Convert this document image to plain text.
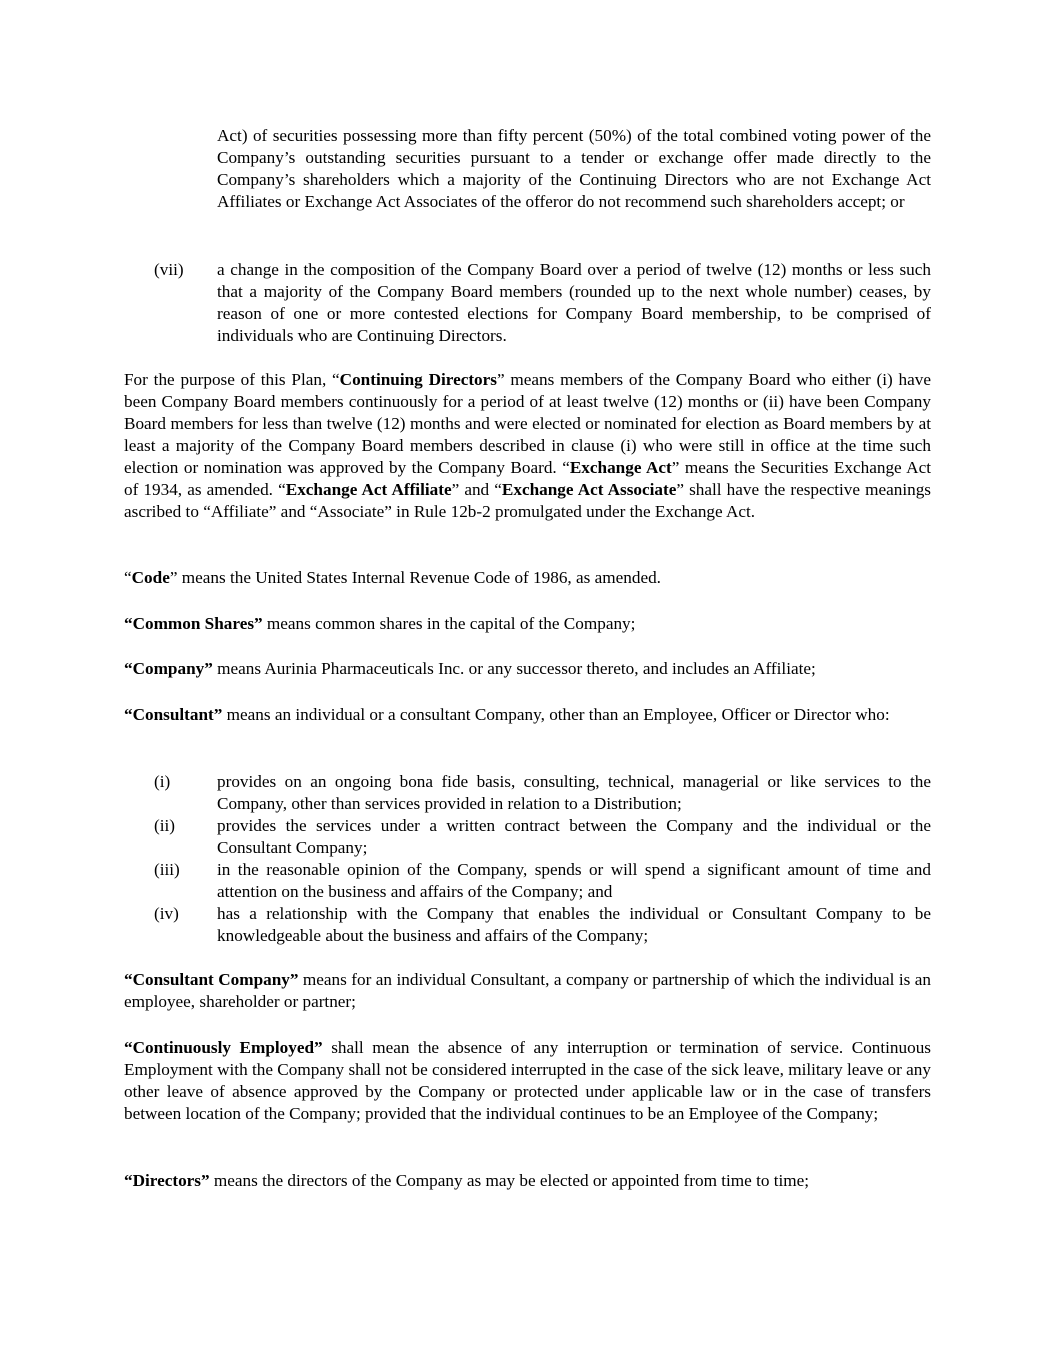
Act) of securities possessing more than fifty percent (50%) of the total combined voting power of the Company’s outstanding securities pursuant to a tender or exchange offer made directly to the Company’s shareholders which a majority of the Continuing Directors who are not Exchange Act Affiliates or Exchange Act Associates of the offeror do not recommend such shareholders accept; or
(vii) a change in the composition of the Company Board over a period of twelve (12) months or less such that a majority of the Company Board members (rounded up to the next whole number) ceases, by reason of one or more contested elections for Company Board membership, to be comprised of individuals who are Continuing Directors.
For the purpose of this Plan, “Continuing Directors” means members of the Company Board who either (i) have been Company Board members continuously for a period of at least twelve (12) months or (ii) have been Company Board members for less than twelve (12) months and were elected or nominated for election as Board members by at least a majority of the Company Board members described in clause (i) who were still in office at the time such election or nomination was approved by the Company Board. “Exchange Act” means the Securities Exchange Act of 1934, as amended. “Exchange Act Affiliate” and “Exchange Act Associate” shall have the respective meanings ascribed to “Affiliate” and “Associate” in Rule 12b-2 promulgated under the Exchange Act.
“Code” means the United States Internal Revenue Code of 1986, as amended.
“Common Shares” means common shares in the capital of the Company;
“Company” means Aurinia Pharmaceuticals Inc. or any successor thereto, and includes an Affiliate;
“Consultant” means an individual or a consultant Company, other than an Employee, Officer or Director who:
(i)	provides on an ongoing bona fide basis, consulting, technical, managerial or like services to the Company, other than services provided in relation to a Distribution;
(ii) provides the services under a written contract between the Company and the individual or the Consultant Company;
(iii) in the reasonable opinion of the Company, spends or will spend a significant amount of time and attention on the business and affairs of the Company; and
(iv) has a relationship with the Company that enables the individual or Consultant Company to be knowledgeable about the business and affairs of the Company;
“Consultant Company” means for an individual Consultant, a company or partnership of which the individual is an employee, shareholder or partner;
“Continuously Employed” shall mean the absence of any interruption or termination of service. Continuous Employment with the Company shall not be considered interrupted in the case of the sick leave, military leave or any other leave of absence approved by the Company or protected under applicable law or in the case of transfers between location of the Company; provided that the individual continues to be an Employee of the Company;
“Directors” means the directors of the Company as may be elected or appointed from time to time;
